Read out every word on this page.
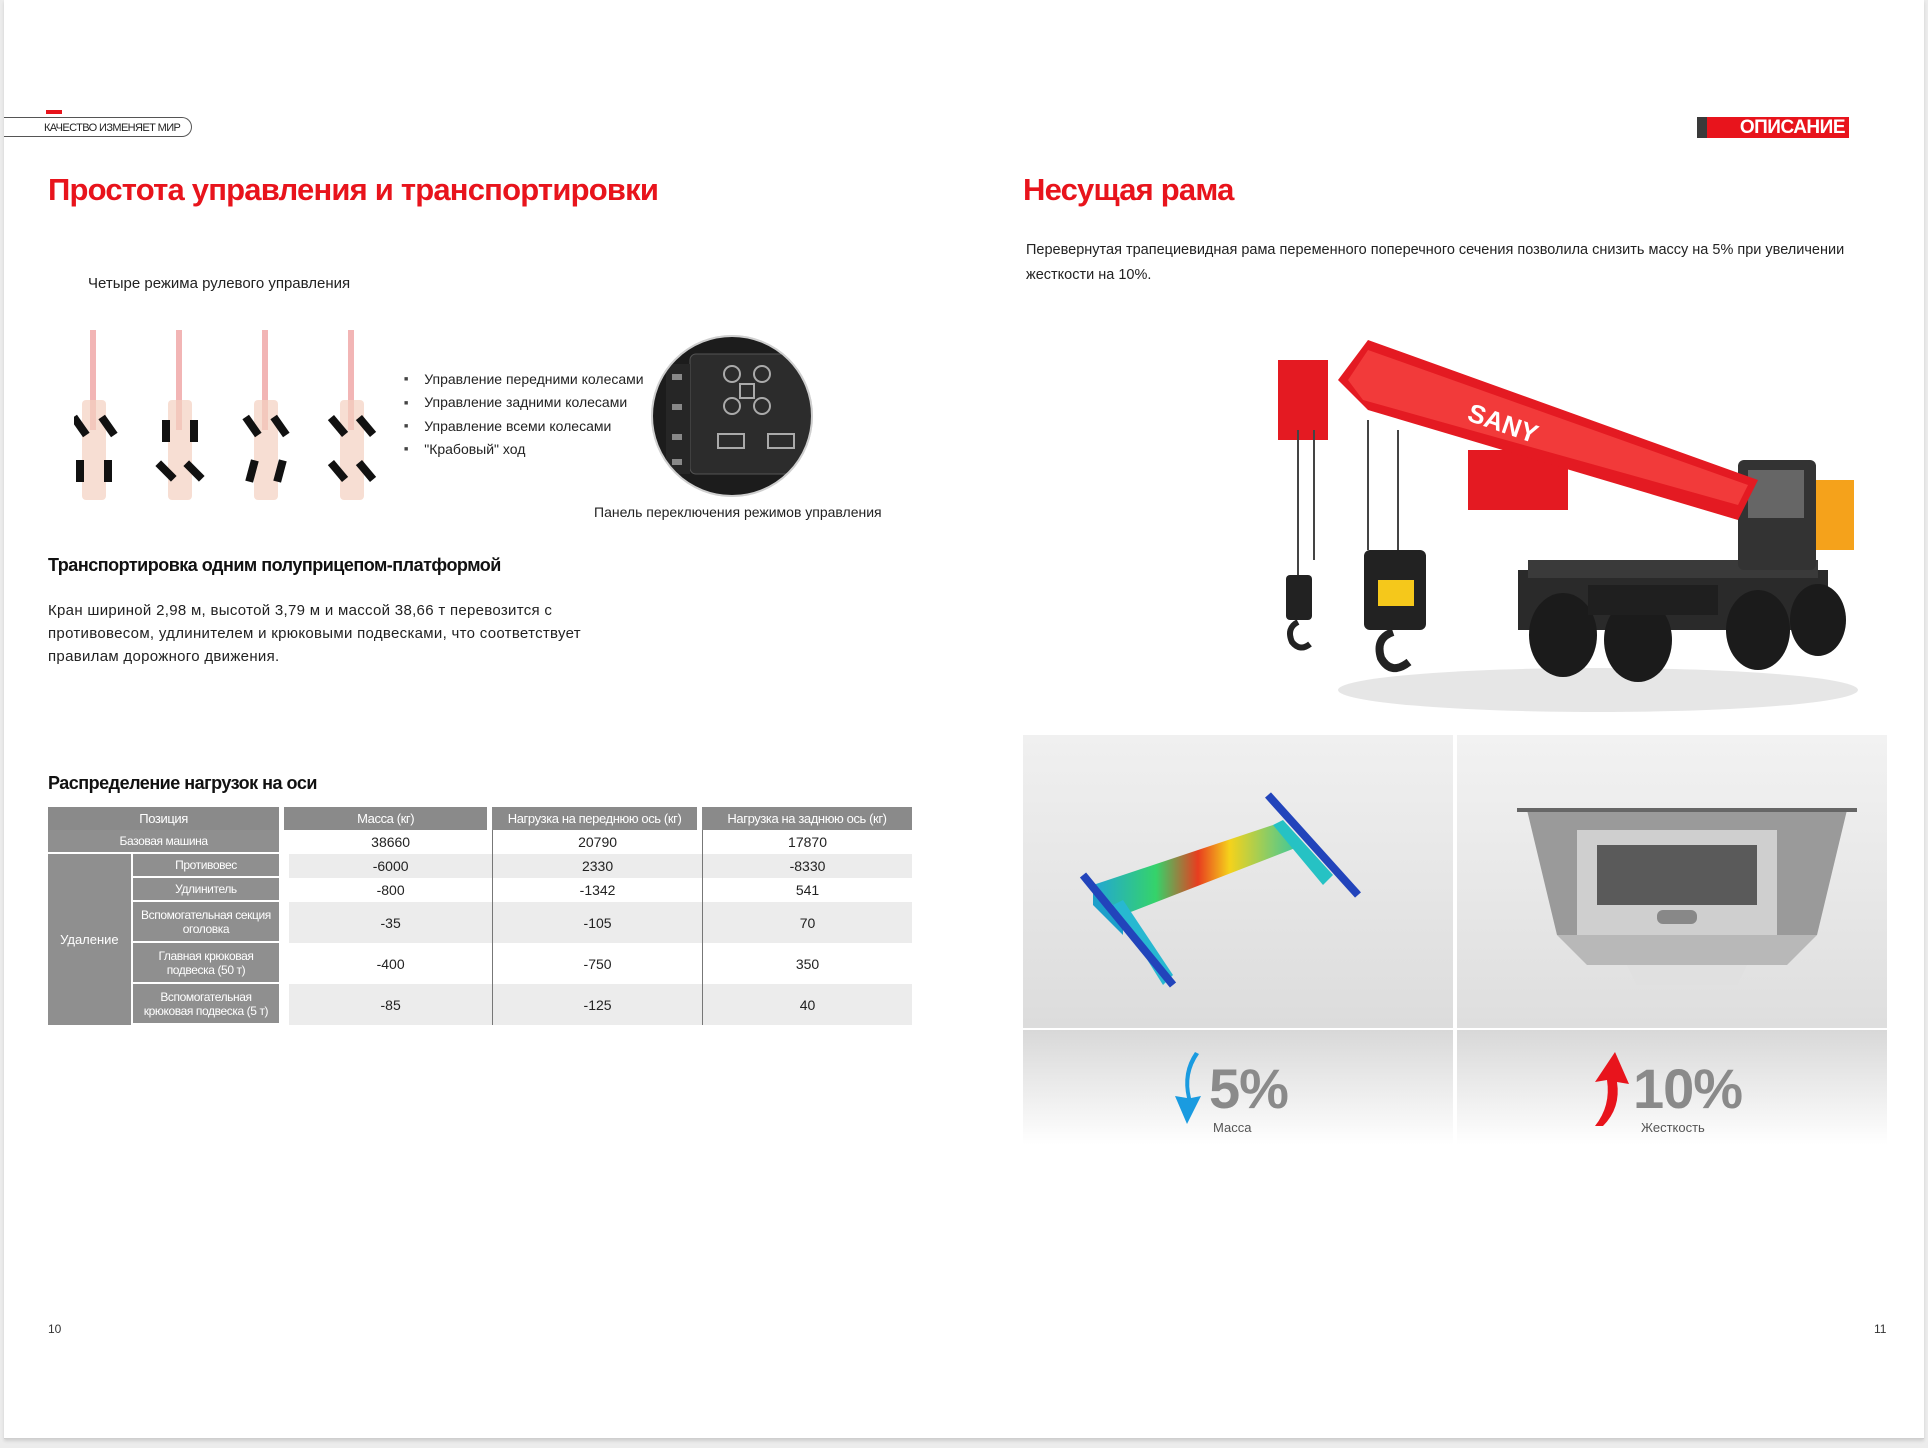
КАЧЕСТВО ИЗМЕНЯЕТ МИР
Простота управления и транспортировки
Четыре режима рулевого управления
■ Управление передними колесами
■ Управление задними колесами
■ Управление всеми колесами
■ "Крабовый" ход
Панель переключения режимов управления
Транспортировка одним полуприцепом-платформой
Кран шириной 2,98 м, высотой 3,79 м и массой 38,66 т перевозится с противовесом, удлинителем и крюковыми подвесками, что соответствует правилам дорожного движения.
Распределение нагрузок на оси
Позиция		Масса (кг)	Нагрузка на переднюю ось (кг)	Нагрузка на заднюю ось (кг)
Базовая машина		38660	20790	17870
Удаление	Противовес	-6000	2330	-8330
	Удлинитель	-800	-1342	541
	Вспомогательная секция оголовка	-35	-105	70
	Главная крюковая подвеска (50 т)	-400	-750	350
	Вспомогательная крюковая подвеска (5 т)	-85	-125	40
10
ОПИСАНИЕ
Несущая рама
Перевернутая трапециевидная рама переменного поперечного сечения позволила снизить массу на 5% при увеличении жесткости на 10%.
SANY
5%
Масса
10%
Жесткость
11
